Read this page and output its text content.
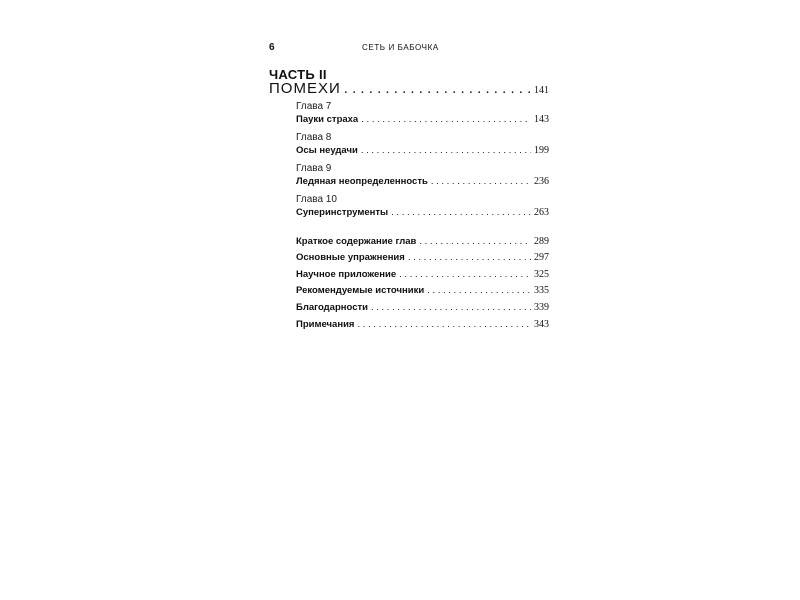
6	СЕТЬ И БАБОЧКА
ЧАСТЬ II
ПОМЕХИ . . .	141
Глава 7
Пауки страха . . .	143
Глава 8
Осы неудачи . . .	199
Глава 9
Ледяная неопределенность . . .	236
Глава 10
Суперинструменты . . .	263
Краткое содержание глав . . .	289
Основные упражнения . . .	297
Научное приложение . . .	325
Рекомендуемые источники . . .	335
Благодарности . . .	339
Примечания . . .	343
